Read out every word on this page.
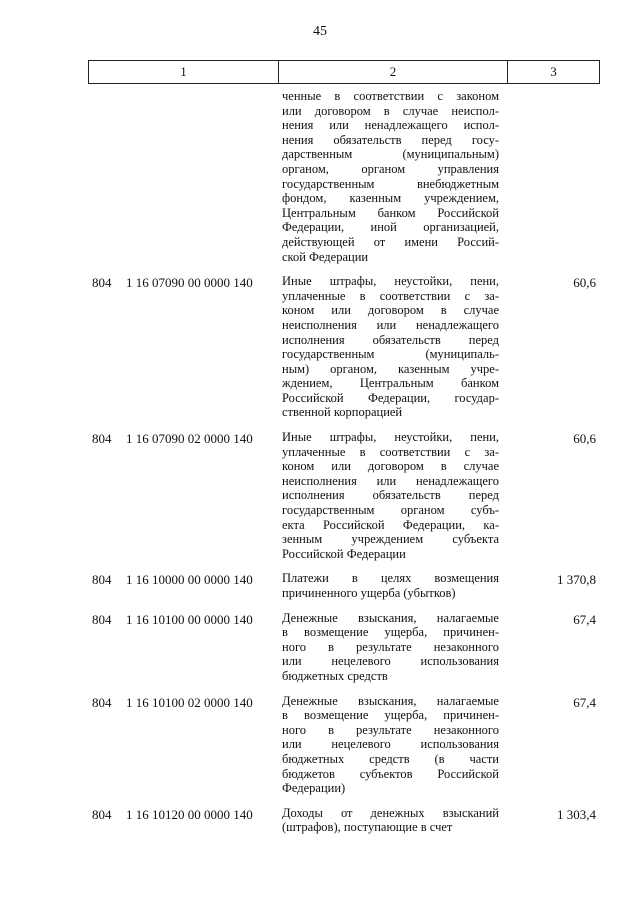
45
1	2	3
ченные в соответствии с законом
или договором в случае неиспол-
нения или ненадлежащего испол-
нения обязательств перед госу-
дарственным (муниципальным)
органом, органом управления
государственным внебюджетным
фондом, казенным учреждением,
Центральным банком Российской
Федерации, иной организацией,
действующей от имени Россий-
ской Федерации
804 1 16 07090 00 0000 140	Иные штрафы, неустойки, пени,
уплаченные в соответствии с за-
коном или договором в случае
неисполнения или ненадлежащего
исполнения обязательств перед
государственным (муниципаль-
ным) органом, казенным учре-
ждением, Центральным банком
Российской Федерации, государ-
ственной корпорацией
60,6
804 1 16 07090 02 0000 140	Иные штрафы, неустойки, пени,
уплаченные в соответствии с за-
коном или договором в случае
неисполнения или ненадлежащего
исполнения обязательств перед
государственным органом субъ-
екта Российской Федерации, ка-
зенным учреждением субъекта
Российской Федерации
60,6
804 1 16 10000 00 0000 140	Платежи в целях возмещения
причиненного ущерба (убытков)
1 370,8
804 1 16 10100 00 0000 140	Денежные взыскания, налагаемые
в возмещение ущерба, причинен-
ного в результате незаконного
или нецелевого использования
бюджетных средств
67,4
804 1 16 10100 02 0000 140	Денежные взыскания, налагаемые
в возмещение ущерба, причинен-
ного в результате незаконного
или нецелевого использования
бюджетных средств (в части
бюджетов субъектов Российской
Федерации)
67,4
804 1 16 10120 00 0000 140	Доходы от денежных взысканий
(штрафов), поступающие в счет
1 303,4
